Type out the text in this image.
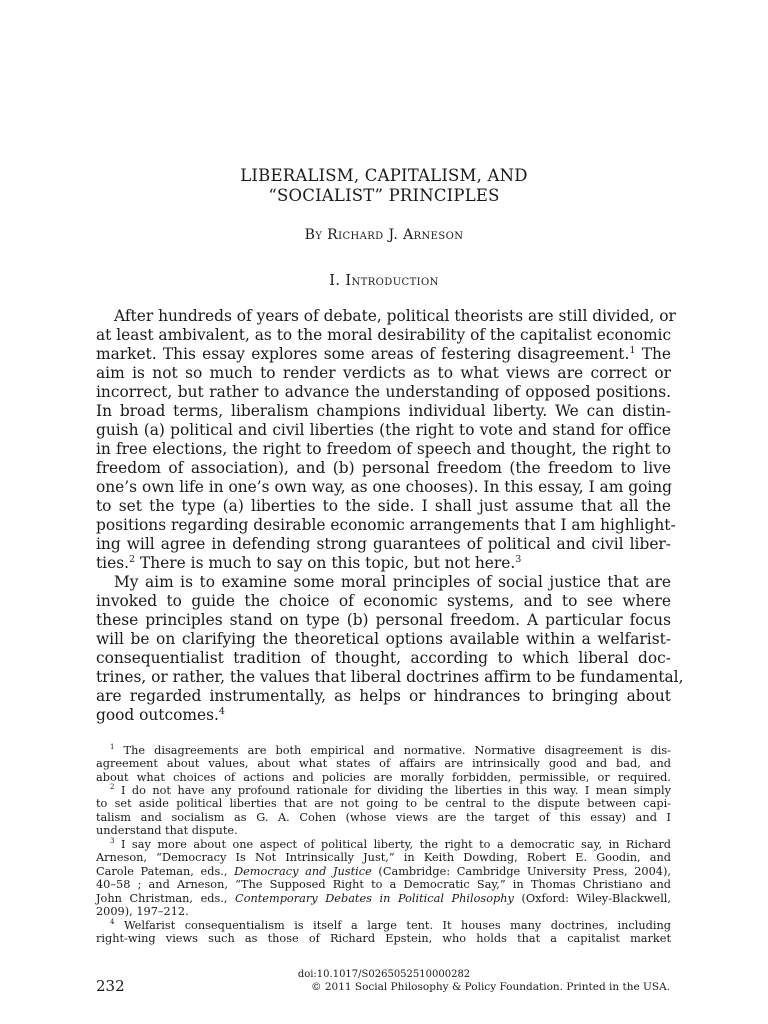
LIBERALISM, CAPITALISM, AND
“SOCIALIST” PRINCIPLES
By Richard J. Arneson
I. Introduction
After hundreds of years of debate, political theorists are still divided, or
at least ambivalent, as to the moral desirability of the capitalist economic
market. This essay explores some areas of festering disagreement.$^1$ The
aim is not so much to render verdicts as to what views are correct or
incorrect, but rather to advance the understanding of opposed positions.
In broad terms, liberalism champions individual liberty. We can distin-
guish (a) political and civil liberties (the right to vote and stand for office
in free elections, the right to freedom of speech and thought, the right to
freedom of association), and (b) personal freedom (the freedom to live
one’s own life in one’s own way, as one chooses). In this essay, I am going
to set the type (a) liberties to the side. I shall just assume that all the
positions regarding desirable economic arrangements that I am highlight-
ing will agree in defending strong guarantees of political and civil liber-
ties.$^2$ There is much to say on this topic, but not here.$^3$
My aim is to examine some moral principles of social justice that are
invoked to guide the choice of economic systems, and to see where
these principles stand on type (b) personal freedom. A particular focus
will be on clarifying the theoretical options available within a welfarist-
consequentialist tradition of thought, according to which liberal doc-
trines, or rather, the values that liberal doctrines affirm to be fundamental,
are regarded instrumentally, as helps or hindrances to bringing about
good outcomes.$^4$
$^1$ The disagreements are both empirical and normative. Normative disagreement is dis-
agreement about values, about what states of affairs are intrinsically good and bad, and
about what choices of actions and policies are morally forbidden, permissible, or required.
$^2$ I do not have any profound rationale for dividing the liberties in this way. I mean simply
to set aside political liberties that are not going to be central to the dispute between capi-
talism and socialism as G. A. Cohen (whose views are the target of this essay) and I
understand that dispute.
$^3$ I say more about one aspect of political liberty, the right to a democratic say, in Richard
Arneson, “Democracy Is Not Intrinsically Just,” in Keith Dowding, Robert E. Goodin, and
Carole Pateman, eds., Democracy and Justice (Cambridge: Cambridge University Press, 2004),
40–58 ; and Arneson, “The Supposed Right to a Democratic Say,” in Thomas Christiano and
John Christman, eds., Contemporary Debates in Political Philosophy (Oxford: Wiley-Blackwell,
2009), 197–212.
$^4$ Welfarist consequentialism is itself a large tent. It houses many doctrines, including
right-wing views such as those of Richard Epstein, who holds that a capitalist market
doi:10.1017/S0265052510000282
232	© 2011 Social Philosophy & Policy Foundation. Printed in the USA.
